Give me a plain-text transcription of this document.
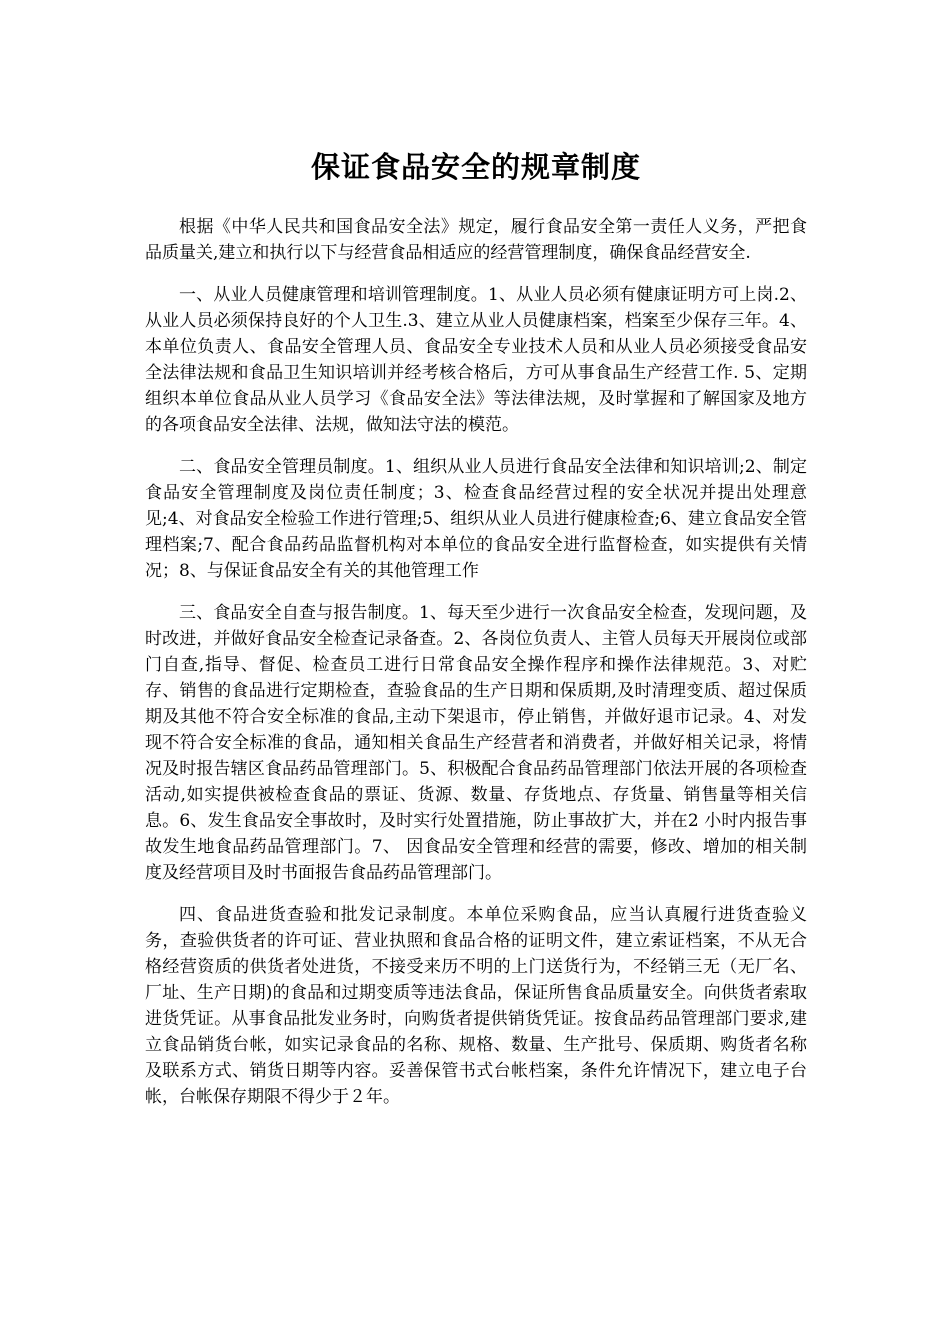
保证食品安全的规章制度

根据《中华人民共和国食品安全法》规定，履行食品安全第一责任人义务，严把食品质量关,建立和执行以下与经营食品相适应的经营管理制度，确保食品经营安全.

一、从业人员健康管理和培训管理制度。1、从业人员必须有健康证明方可上岗.2、从业人员必须保持良好的个人卫生.3、建立从业人员健康档案，档案至少保存三年。4、本单位负责人、食品安全管理人员、食品安全专业技术人员和从业人员必须接受食品安全法律法规和食品卫生知识培训并经考核合格后，方可从事食品生产经营工作. 5、定期组织本单位食品从业人员学习《食品安全法》等法律法规，及时掌握和了解国家及地方的各项食品安全法律、法规，做知法守法的模范。

二、食品安全管理员制度。1、组织从业人员进行食品安全法律和知识培训;2、制定食品安全管理制度及岗位责任制度；3、检查食品经营过程的安全状况并提出处理意见;4、对食品安全检验工作进行管理;5、组织从业人员进行健康检查;6、建立食品安全管理档案;7、配合食品药品监督机构对本单位的食品安全进行监督检查，如实提供有关情况；8、与保证食品安全有关的其他管理工作

三、食品安全自查与报告制度。1、每天至少进行一次食品安全检查，发现问题，及时改进，并做好食品安全检查记录备查。2、各岗位负责人、主管人员每天开展岗位或部门自查,指导、督促、检查员工进行日常食品安全操作程序和操作法律规范。3、对贮存、销售的食品进行定期检查，查验食品的生产日期和保质期,及时清理变质、超过保质期及其他不符合安全标准的食品,主动下架退市，停止销售，并做好退市记录。4、对发现不符合安全标准的食品，通知相关食品生产经营者和消费者，并做好相关记录，将情况及时报告辖区食品药品管理部门。5、积极配合食品药品管理部门依法开展的各项检查活动,如实提供被检查食品的票证、货源、数量、存货地点、存货量、销售量等相关信息。6、发生食品安全事故时，及时实行处置措施，防止事故扩大，并在2 小时内报告事故发生地食品药品管理部门。7、 因食品安全管理和经营的需要，修改、增加的相关制度及经营项目及时书面报告食品药品管理部门。

四、食品进货查验和批发记录制度。本单位采购食品，应当认真履行进货查验义务，查验供货者的许可证、营业执照和食品合格的证明文件，建立索证档案，不从无合格经营资质的供货者处进货，不接受来历不明的上门送货行为，不经销三无（无厂名、厂址、生产日期)的食品和过期变质等违法食品，保证所售食品质量安全。向供货者索取进货凭证。从事食品批发业务时，向购货者提供销货凭证。按食品药品管理部门要求,建立食品销货台帐，如实记录食品的名称、规格、数量、生产批号、保质期、购货者名称及联系方式、销货日期等内容。妥善保管书式台帐档案，条件允许情况下，建立电子台帐，台帐保存期限不得少于２年。
